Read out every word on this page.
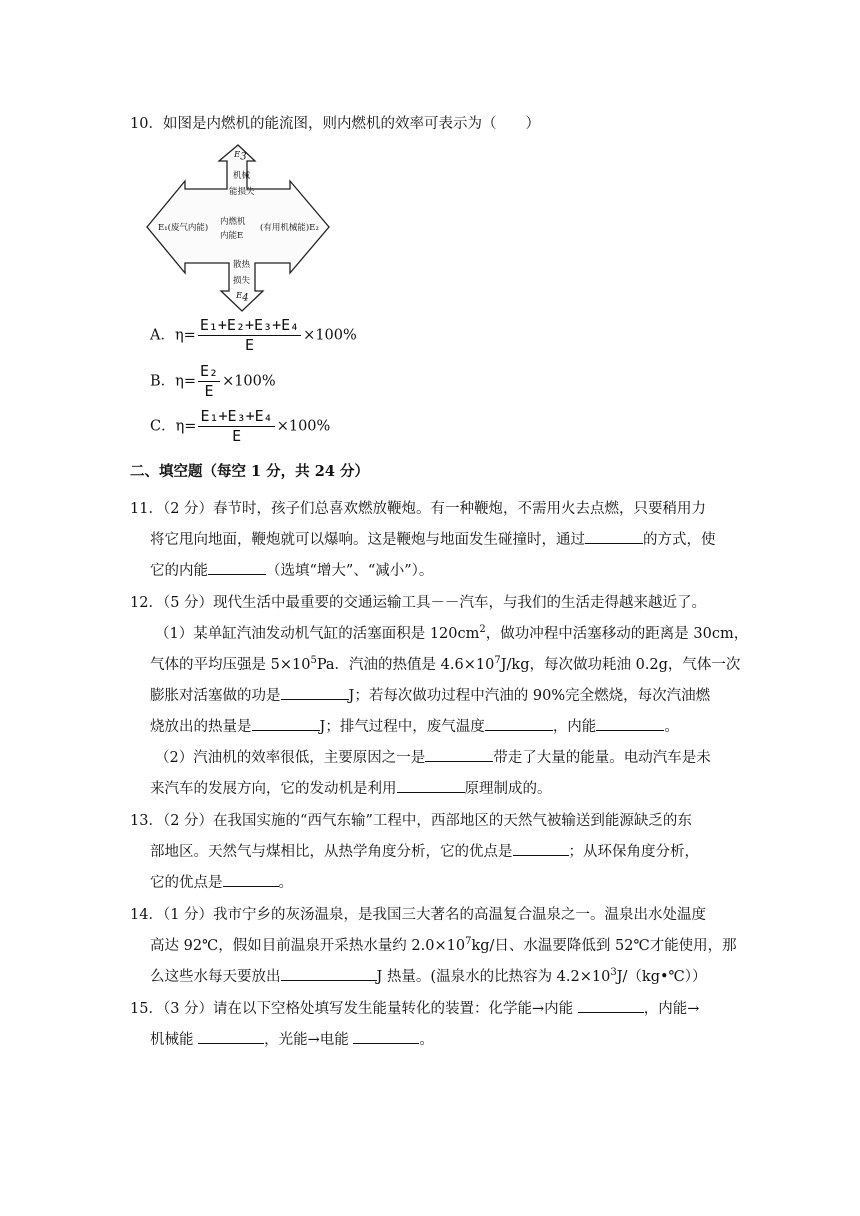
10．如图是内燃机的能流图，则内燃机的效率可表示为（　　）
$E_3$
机械
能损失
内燃机
内能E
E₁(废气内能)	(有用机械能)E₂
散热
损失
$E_4$
A．$\eta= \frac{\text{E₁+E₂+E₃+E₄}}{E} \times 100\%$
B．$\eta= \frac{\text{E₂}}{E} \times 100\%$
C．$\eta= \frac{\text{E₁+E₃+E₄}}{E} \times 100\%$
二、填空题（每空 1 分，共 24 分）
11．（2 分）春节时，孩子们总喜欢燃放鞭炮。有一种鞭炮，不需用火去点燃，只要稍用力
将它甩向地面，鞭炮就可以爆响。这是鞭炮与地面发生碰撞时，通过	的方式，使
它的内能	（选填“增大”、“减小”）。
12．（5 分）现代生活中最重要的交通运输工具－－汽车，与我们的生活走得越来越近了。
（1）某单缸汽油发动机气缸的活塞面积是 $120cm^2$，做功冲程中活塞移动的距离是 30cm，
气体的平均压强是 $5\times 10^5Pa$．汽油的热值是 $4.6\times 10^7J/kg$，每次做功耗油 0.2g，气体一次
膨胀对活塞做的功是	J；若每次做功过程中汽油的 90%完全燃烧，每次汽油燃
烧放出的热量是	J；排气过程中，废气温度	，内能	。
（2）汽油机的效率很低，主要原因之一是	带走了大量的能量。电动汽车是未
来汽车的发展方向，它的发动机是利用	原理制成的。
13．（2 分）在我国实施的“西气东输”工程中，西部地区的天然气被输送到能源缺乏的东
部地区。天然气与煤相比，从热学角度分析，它的优点是	；从环保角度分析，
它的优点是	。
14．（1 分）我市宁乡的灰汤温泉，是我国三大著名的高温复合温泉之一。温泉出水处温度
高达 92℃，假如目前温泉开采热水量约 $2.0\times 10^7kg/$日、水温要降低到 52℃才能使用，那
么这些水每天要放出	J 热量。(温泉水的比热容为 $4.2\times 10^3J/(kg•℃)$）
15．（3 分）请在以下空格处填写发生能量转化的装置：化学能→内能	，内能→
机械能	，光能→电能	。
